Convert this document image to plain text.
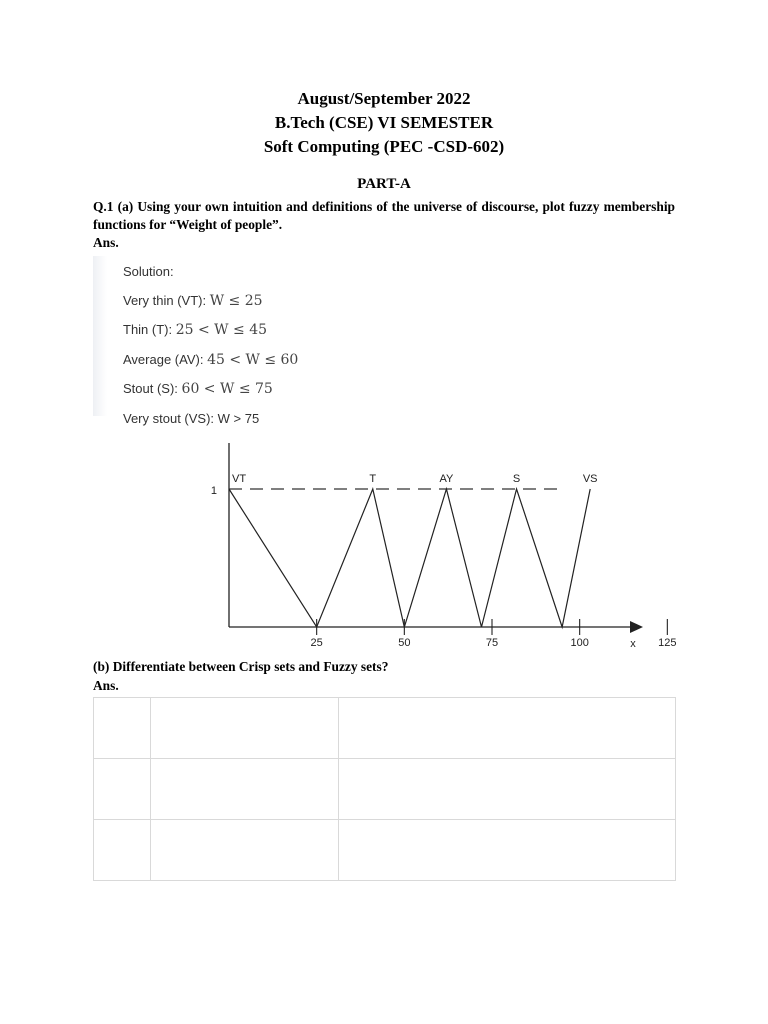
August/September 2022
B.Tech (CSE) VI SEMESTER
Soft Computing (PEC -CSD-602)
PART-A
Q.1 (a) Using your own intuition and definitions of the universe of discourse, plot fuzzy membership functions for “Weight of people”.
Ans.
Solution:
Very thin (VT): W ≤ 25
Thin (T): 25 < W ≤ 45
Average (AV): 45 < W ≤ 60
Stout (S): 60 < W ≤ 75
Very stout (VS): W > 75
1
25	50	75	100	125
x
VT	T	AY	S	VS
(b) Differentiate between Crisp sets and Fuzzy sets?
Ans.
